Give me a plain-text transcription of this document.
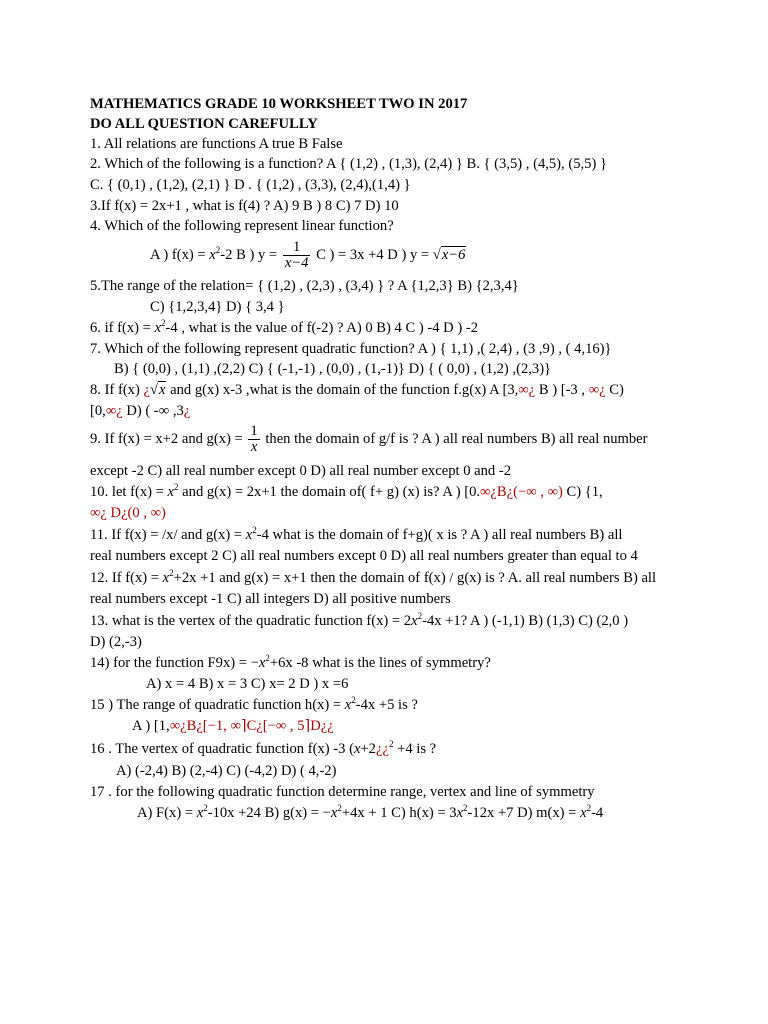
MATHEMATICS GRADE 10 WORKSHEET TWO IN 2017
DO ALL QUESTION CAREFULLY
1. All relations are functions A true B False
2. Which of the following is a function? A { (1,2) , (1,3), (2,4) } B. { (3,5) , (4,5), (5,5) }
C. { (0,1) , (1,2), (2,1) } D . { (1,2) , (3,3), (2,4),(1,4) }
3.If f(x) = 2x+1 , what is f(4) ? A) 9 B ) 8 C) 7 D) 10
4. Which of the following represent linear function?
A ) $f(x) = x^2-2$ B ) $y = \frac{1}{x-4}$ C ) = 3x +4 D ) y = √x−6
5.The range of the relation= { (1,2) , (2,3) , (3,4) } ? A {1,2,3} B) {2,3,4}
C) {1,2,3,4} D) { 3,4 }
6. if $f(x) = x^2-4$ , what is the value of f(-2) ? A) 0 B) 4 C ) -4 D ) -2
7. Which of the following represent quadratic function? A ) { 1,1) ,( 2,4) , (3 ,9) , ( 4,16)}
B) { (0,0) , (1,1) ,(2,2) C) { (-1,-1) , (0,0) , (1,-1)} D) { ( 0,0) , (1,2) ,(2,3)}
8. If f(x) ¿√x and g(x) x-3 ,what is the domain of the function f.g(x) A [3,∞¿ B ) [-3 , ∞¿ C)
[0,∞¿ D) ( -∞ ,3¿
9. If f(x) = x+2 and $g(x) = \frac{1}{x}$ then the domain of g/f is ? A ) all real numbers B) all real number
except -2 C) all real number except 0 D) all real number except 0 and -2
10. let $f(x) = x^2$ and g(x) = 2x+1 the domain of( f+ g) (x) is? A ) [0.∞¿B¿(−∞ , ∞) C) {1,
∞¿ D¿(0 , ∞)
11. If f(x) = /x/ and $g(x) = x^2-4$ what is the domain of f+g)( x is ? A ) all real numbers B) all
real numbers except 2 C) all real numbers except 0 D) all real numbers greater than equal to 4
12. If $f(x) = x^2+2x +1$ and g(x) = x+1 then the domain of f(x) / g(x) is ? A. all real numbers B) all
real numbers except -1 C) all integers D) all positive numbers
13. what is the vertex of the quadratic function $f(x) = 2x^2-4x +1$? A ) (-1,1) B) (1,3) C) (2,0 )
D) (2,-3)
14) for the function $F9x) = -x^2+6x$ -8 what is the lines of symmetry?
A) x = 4 B) x = 3 C) x= 2 D ) x =6
15 ) The range of quadratic function $h(x) = x^2-4x +5$ is ?
A ) [1,∞¿B¿[−1, ∞⌉C¿[−∞ , 5⌉D¿¿
16 . The vertex of quadratic function f(x) -3 (x+2¿¿$^2$ +4 is ?
A) (-2,4) B) (2,-4) C) (-4,2) D) ( 4,-2)
17 . for the following quadratic function determine range, vertex and line of symmetry
A) $F(x) = x^2-10x +24$ B) $g(x) = -x^2+4x + 1$ C) $h(x) = 3x^2-12x +7$ D) $m(x) = x^2-4$
